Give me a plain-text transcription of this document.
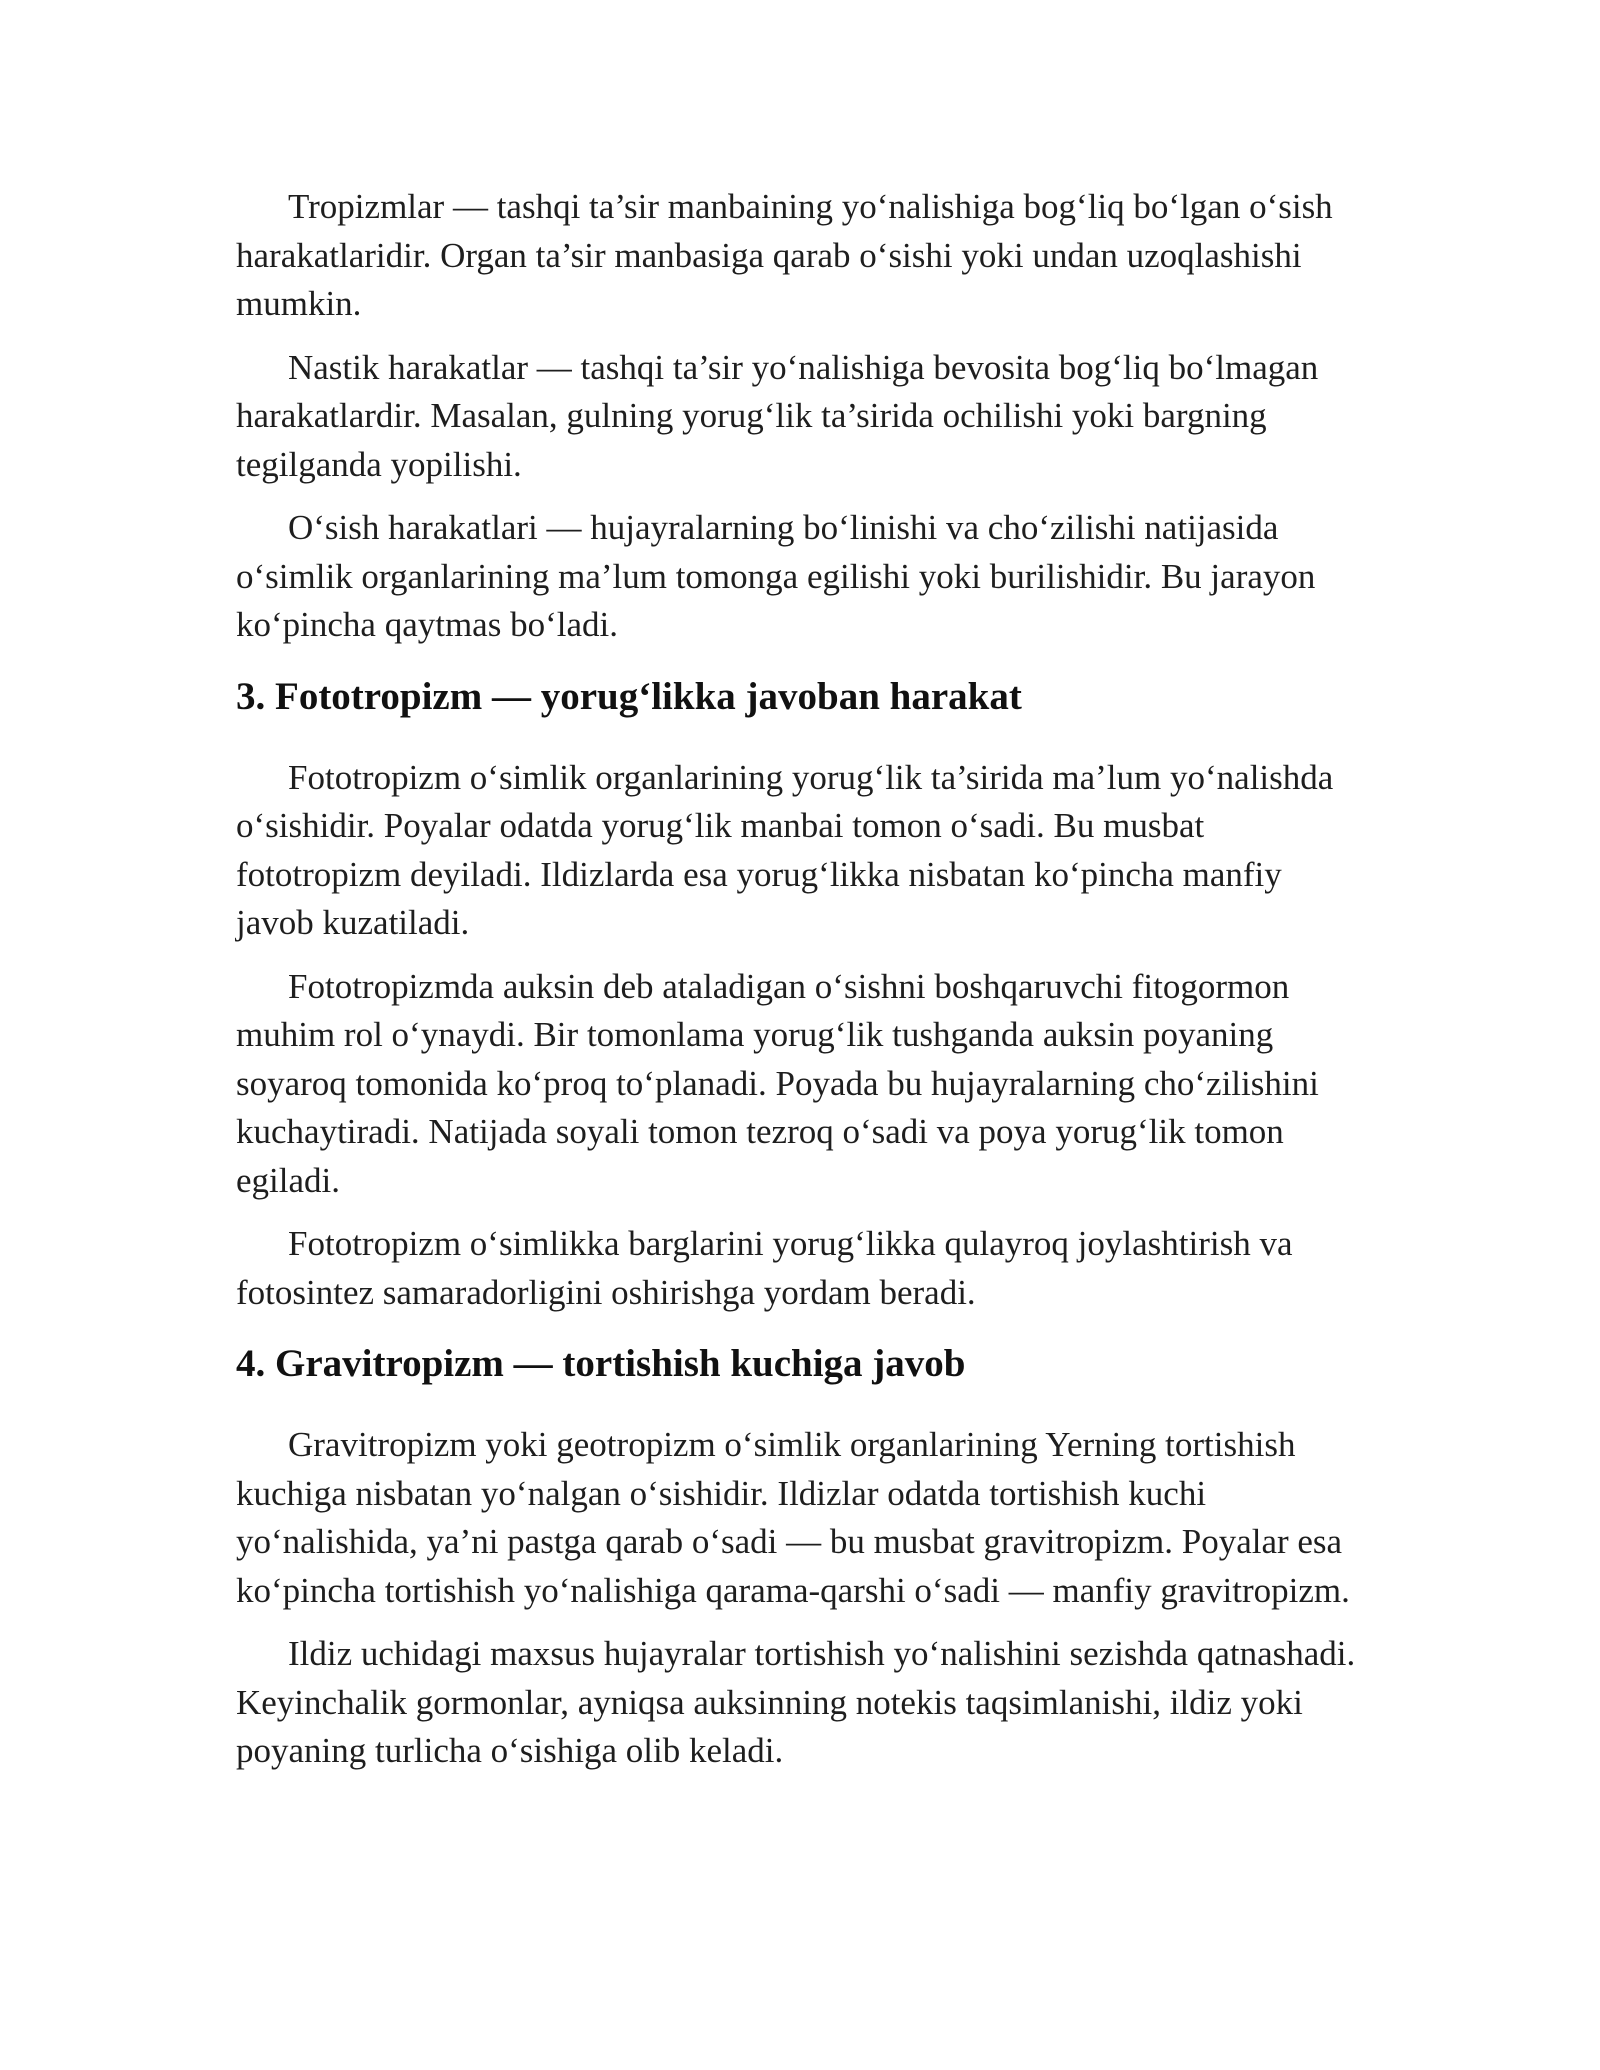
Tropizmlar — tashqi ta’sir manbaining yo‘nalishiga bog‘liq bo‘lgan o‘sish harakatlaridir. Organ ta’sir manbasiga qarab o‘sishi yoki undan uzoqlashishi mumkin.

Nastik harakatlar — tashqi ta’sir yo‘nalishiga bevosita bog‘liq bo‘lmagan harakatlardir. Masalan, gulning yorug‘lik ta’sirida ochilishi yoki bargning tegilganda yopilishi.

O‘sish harakatlari — hujayralarning bo‘linishi va cho‘zilishi natijasida o‘simlik organlarining ma’lum tomonga egilishi yoki burilishidir. Bu jarayon ko‘pincha qaytmas bo‘ladi.

3. Fototropizm — yorug‘likka javoban harakat

Fototropizm o‘simlik organlarining yorug‘lik ta’sirida ma’lum yo‘nalishda o‘sishidir. Poyalar odatda yorug‘lik manbai tomon o‘sadi. Bu musbat fototropizm deyiladi. Ildizlarda esa yorug‘likka nisbatan ko‘pincha manfiy javob kuzatiladi.

Fototropizmda auksin deb ataladigan o‘sishni boshqaruvchi fitogormon muhim rol o‘ynaydi. Bir tomonlama yorug‘lik tushganda auksin poyaning soyaroq tomonida ko‘proq to‘planadi. Poyada bu hujayralarning cho‘zilishini kuchaytiradi. Natijada soyali tomon tezroq o‘sadi va poya yorug‘lik tomon egiladi.

Fototropizm o‘simlikka barglarini yorug‘likka qulayroq joylashtirish va fotosintez samaradorligini oshirishga yordam beradi.

4. Gravitropizm — tortishish kuchiga javob

Gravitropizm yoki geotropizm o‘simlik organlarining Yerning tortishish kuchiga nisbatan yo‘nalgan o‘sishidir. Ildizlar odatda tortishish kuchi yo‘nalishida, ya’ni pastga qarab o‘sadi — bu musbat gravitropizm. Poyalar esa ko‘pincha tortishish yo‘nalishiga qarama-qarshi o‘sadi — manfiy gravitropizm.

Ildiz uchidagi maxsus hujayralar tortishish yo‘nalishini sezishda qatnashadi. Keyinchalik gormonlar, ayniqsa auksinning notekis taqsimlanishi, ildiz yoki poyaning turlicha o‘sishiga olib keladi.
